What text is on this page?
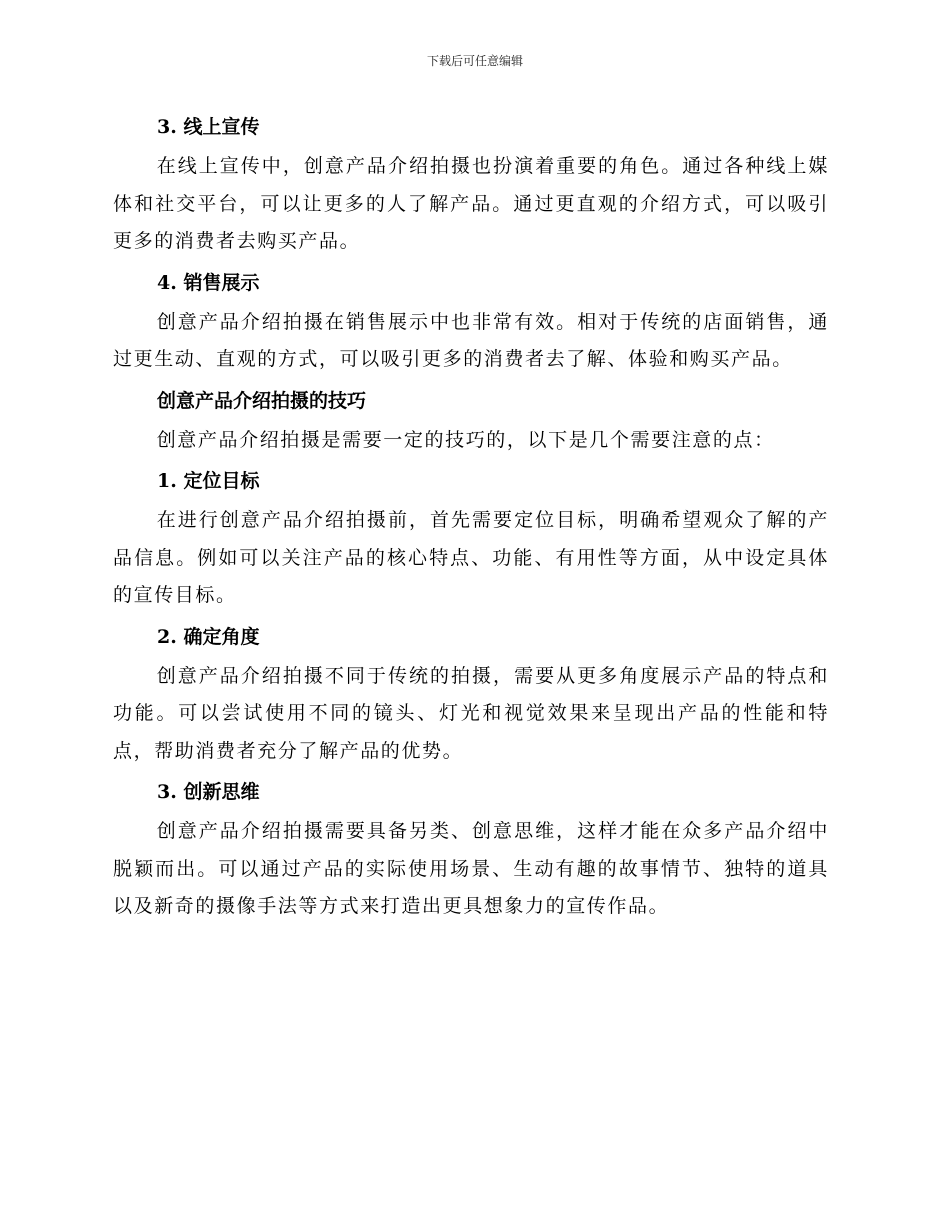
下载后可任意编辑
3. 线上宣传

在线上宣传中，创意产品介绍拍摄也扮演着重要的角色。通过各种线上媒体和社交平台，可以让更多的人了解产品。通过更直观的介绍方式，可以吸引更多的消费者去购买产品。

4. 销售展示

创意产品介绍拍摄在销售展示中也非常有效。相对于传统的店面销售，通过更生动、直观的方式，可以吸引更多的消费者去了解、体验和购买产品。

创意产品介绍拍摄的技巧

创意产品介绍拍摄是需要一定的技巧的，以下是几个需要注意的点：

1. 定位目标

在进行创意产品介绍拍摄前，首先需要定位目标，明确希望观众了解的产品信息。例如可以关注产品的核心特点、功能、有用性等方面，从中设定具体的宣传目标。

2. 确定角度

创意产品介绍拍摄不同于传统的拍摄，需要从更多角度展示产品的特点和功能。可以尝试使用不同的镜头、灯光和视觉效果来呈现出产品的性能和特点，帮助消费者充分了解产品的优势。

3. 创新思维

创意产品介绍拍摄需要具备另类、创意思维，这样才能在众多产品介绍中脱颖而出。可以通过产品的实际使用场景、生动有趣的故事情节、独特的道具以及新奇的摄像手法等方式来打造出更具想象力的宣传作品。
